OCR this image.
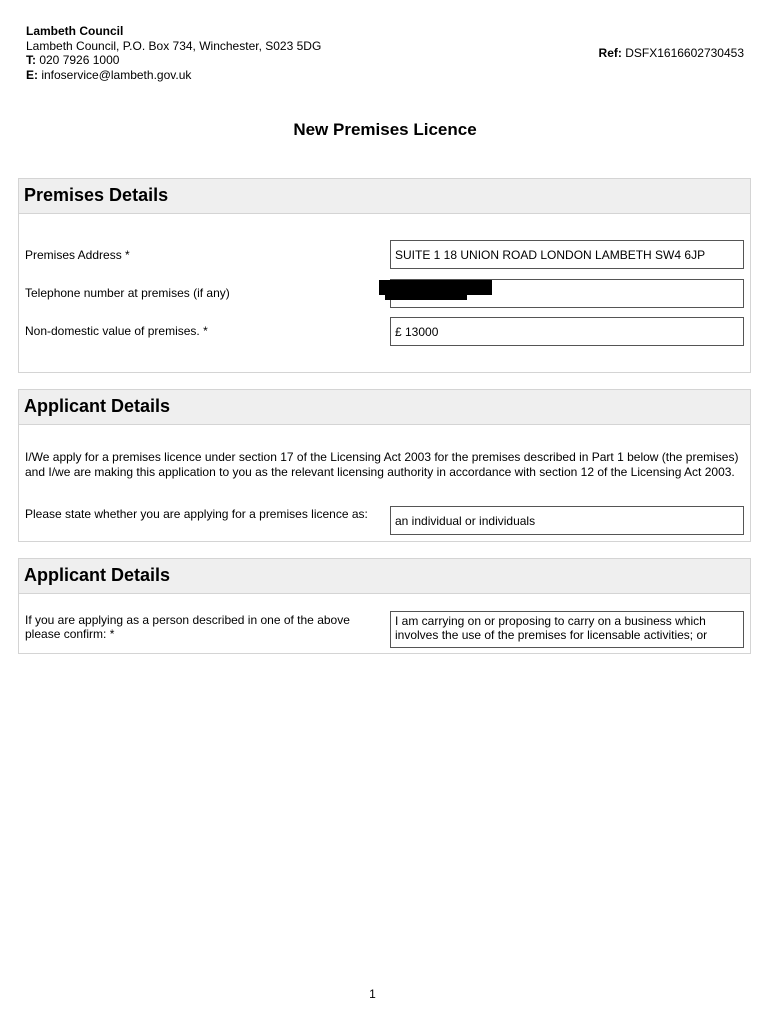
Lambeth Council
Lambeth Council, P.O. Box 734, Winchester, S023 5DG
T: 020 7926 1000
E: infoservice@lambeth.gov.uk
Ref: DSFX1616602730453
New Premises Licence
Premises Details
Premises Address *	SUITE 1 18 UNION ROAD LONDON LAMBETH SW4 6JP
Telephone number at premises (if any)
Non-domestic value of premises. *	£ 13000
Applicant Details
I/We apply for a premises licence under section 17 of the Licensing Act 2003 for the premises described in Part 1 below (the premises) and I/we are making this application to you as the relevant licensing authority in accordance with section 12 of the Licensing Act 2003.
Please state whether you are applying for a premises licence as:	an individual or individuals
Applicant Details
If you are applying as a person described in one of the above please confirm: *
I am carrying on or proposing to carry on a business which involves the use of the premises for licensable activities; or
1
